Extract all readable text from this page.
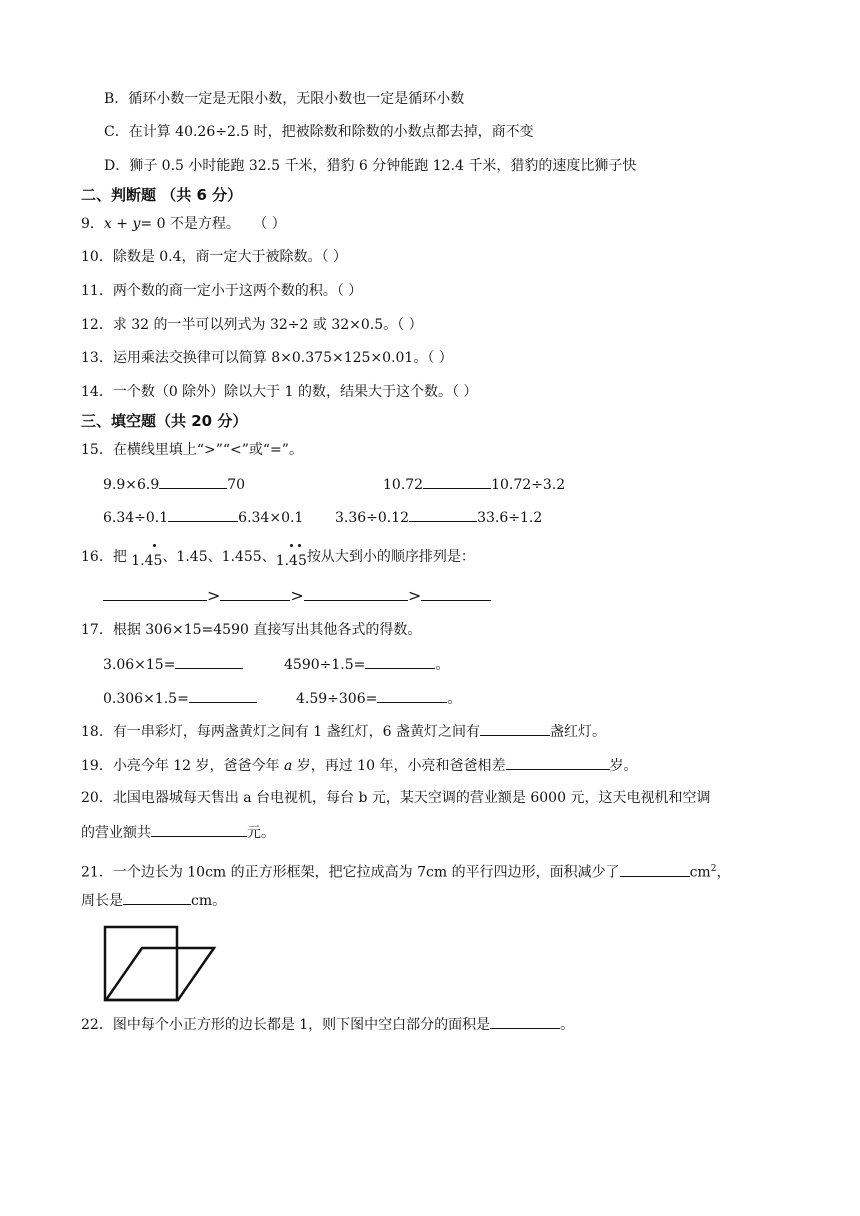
B．循环小数一定是无限小数，无限小数也一定是循环小数
C．在计算 40.26÷2.5 时，把被除数和除数的小数点都去掉，商不变
D．狮子 0.5 小时能跑 32.5 千米，猎豹 6 分钟能跑 12.4 千米，猎豹的速度比狮子快
二、判断题 （共 6 分）
9．x + y= 0 不是方程。 （ ）
10．除数是 0.4，商一定大于被除数。（ ）
11．两个数的商一定小于这两个数的积。（ ）
12．求 32 的一半可以列式为 32÷2 或 32×0.5。（ ）
13．运用乘法交换律可以简算 8×0.375×125×0.01。（ ）
14．一个数（0 除外）除以大于 1 的数，结果大于这个数。（ ）
三、填空题（共 20 分）
15．在横线里填上“>”“<”或“=”。
9.9×6.9	70	10.72	10.72÷3.2
6.34÷0.1	6.34×0.1 3.36÷0.12	33.6÷1.2
16．把 1.45
、1.45、1.455、1.45
按从大到小的顺序排列是：
>	>	>
17．根据 306×15=4590 直接写出其他各式的得数。
3.06×15=	4590÷1.5=	。
0.306×1.5=	4.59÷306=	。
18．有一串彩灯，每两盏黄灯之间有 1 盏红灯，6 盏黄灯之间有	盏红灯。
19．小亮今年 12 岁，爸爸今年 a 岁，再过 10 年，小亮和爸爸相差	岁。
20．北国电器城每天售出 a 台电视机，每台 b 元，某天空调的营业额是 6000 元，这天电视机和空调
的营业额共	元。
21．一个边长为 10cm 的正方形框架，把它拉成高为 7cm 的平行四边形，面积减少了	$cm^2$，
周长是	cm。
22．图中每个小正方形的边长都是 1，则下图中空白部分的面积是	。
